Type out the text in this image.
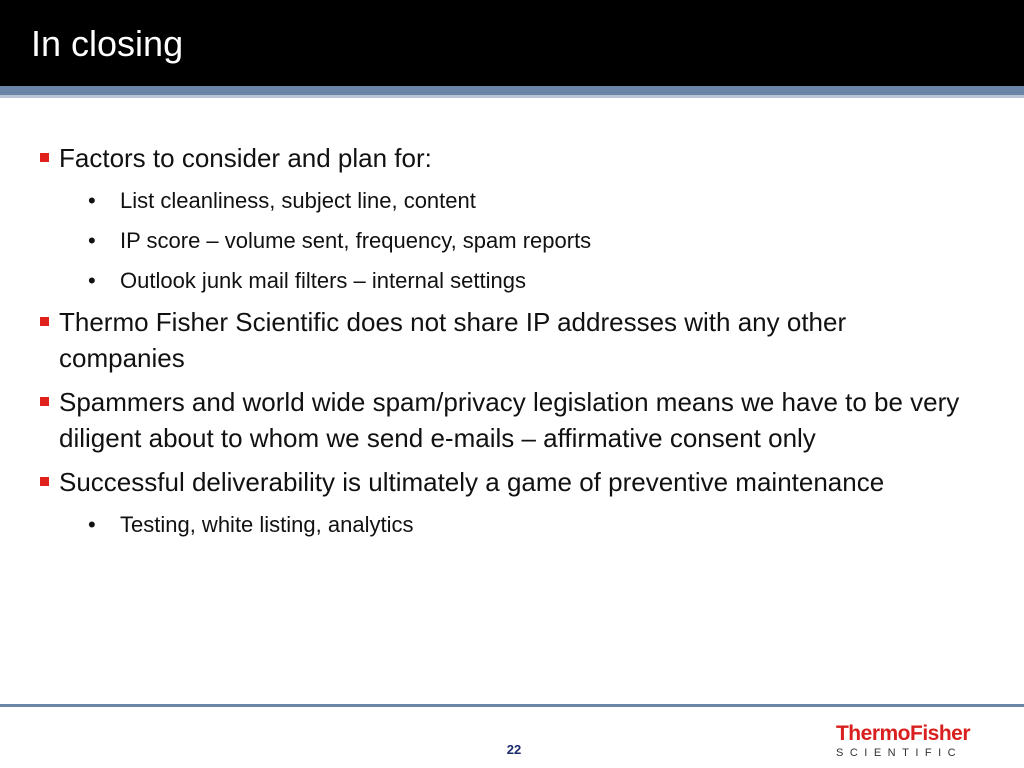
In closing
Factors to consider and plan for:
• List cleanliness, subject line, content
• IP score – volume sent, frequency, spam reports
• Outlook junk mail filters – internal settings
Thermo Fisher Scientific does not share IP addresses with any other companies
Spammers and world wide spam/privacy legislation means we have to be very diligent about to whom we send e-mails – affirmative consent only
Successful deliverability is ultimately a game of preventive maintenance
• Testing, white listing, analytics
22
ThermoFisher
SCIENTIFIC
